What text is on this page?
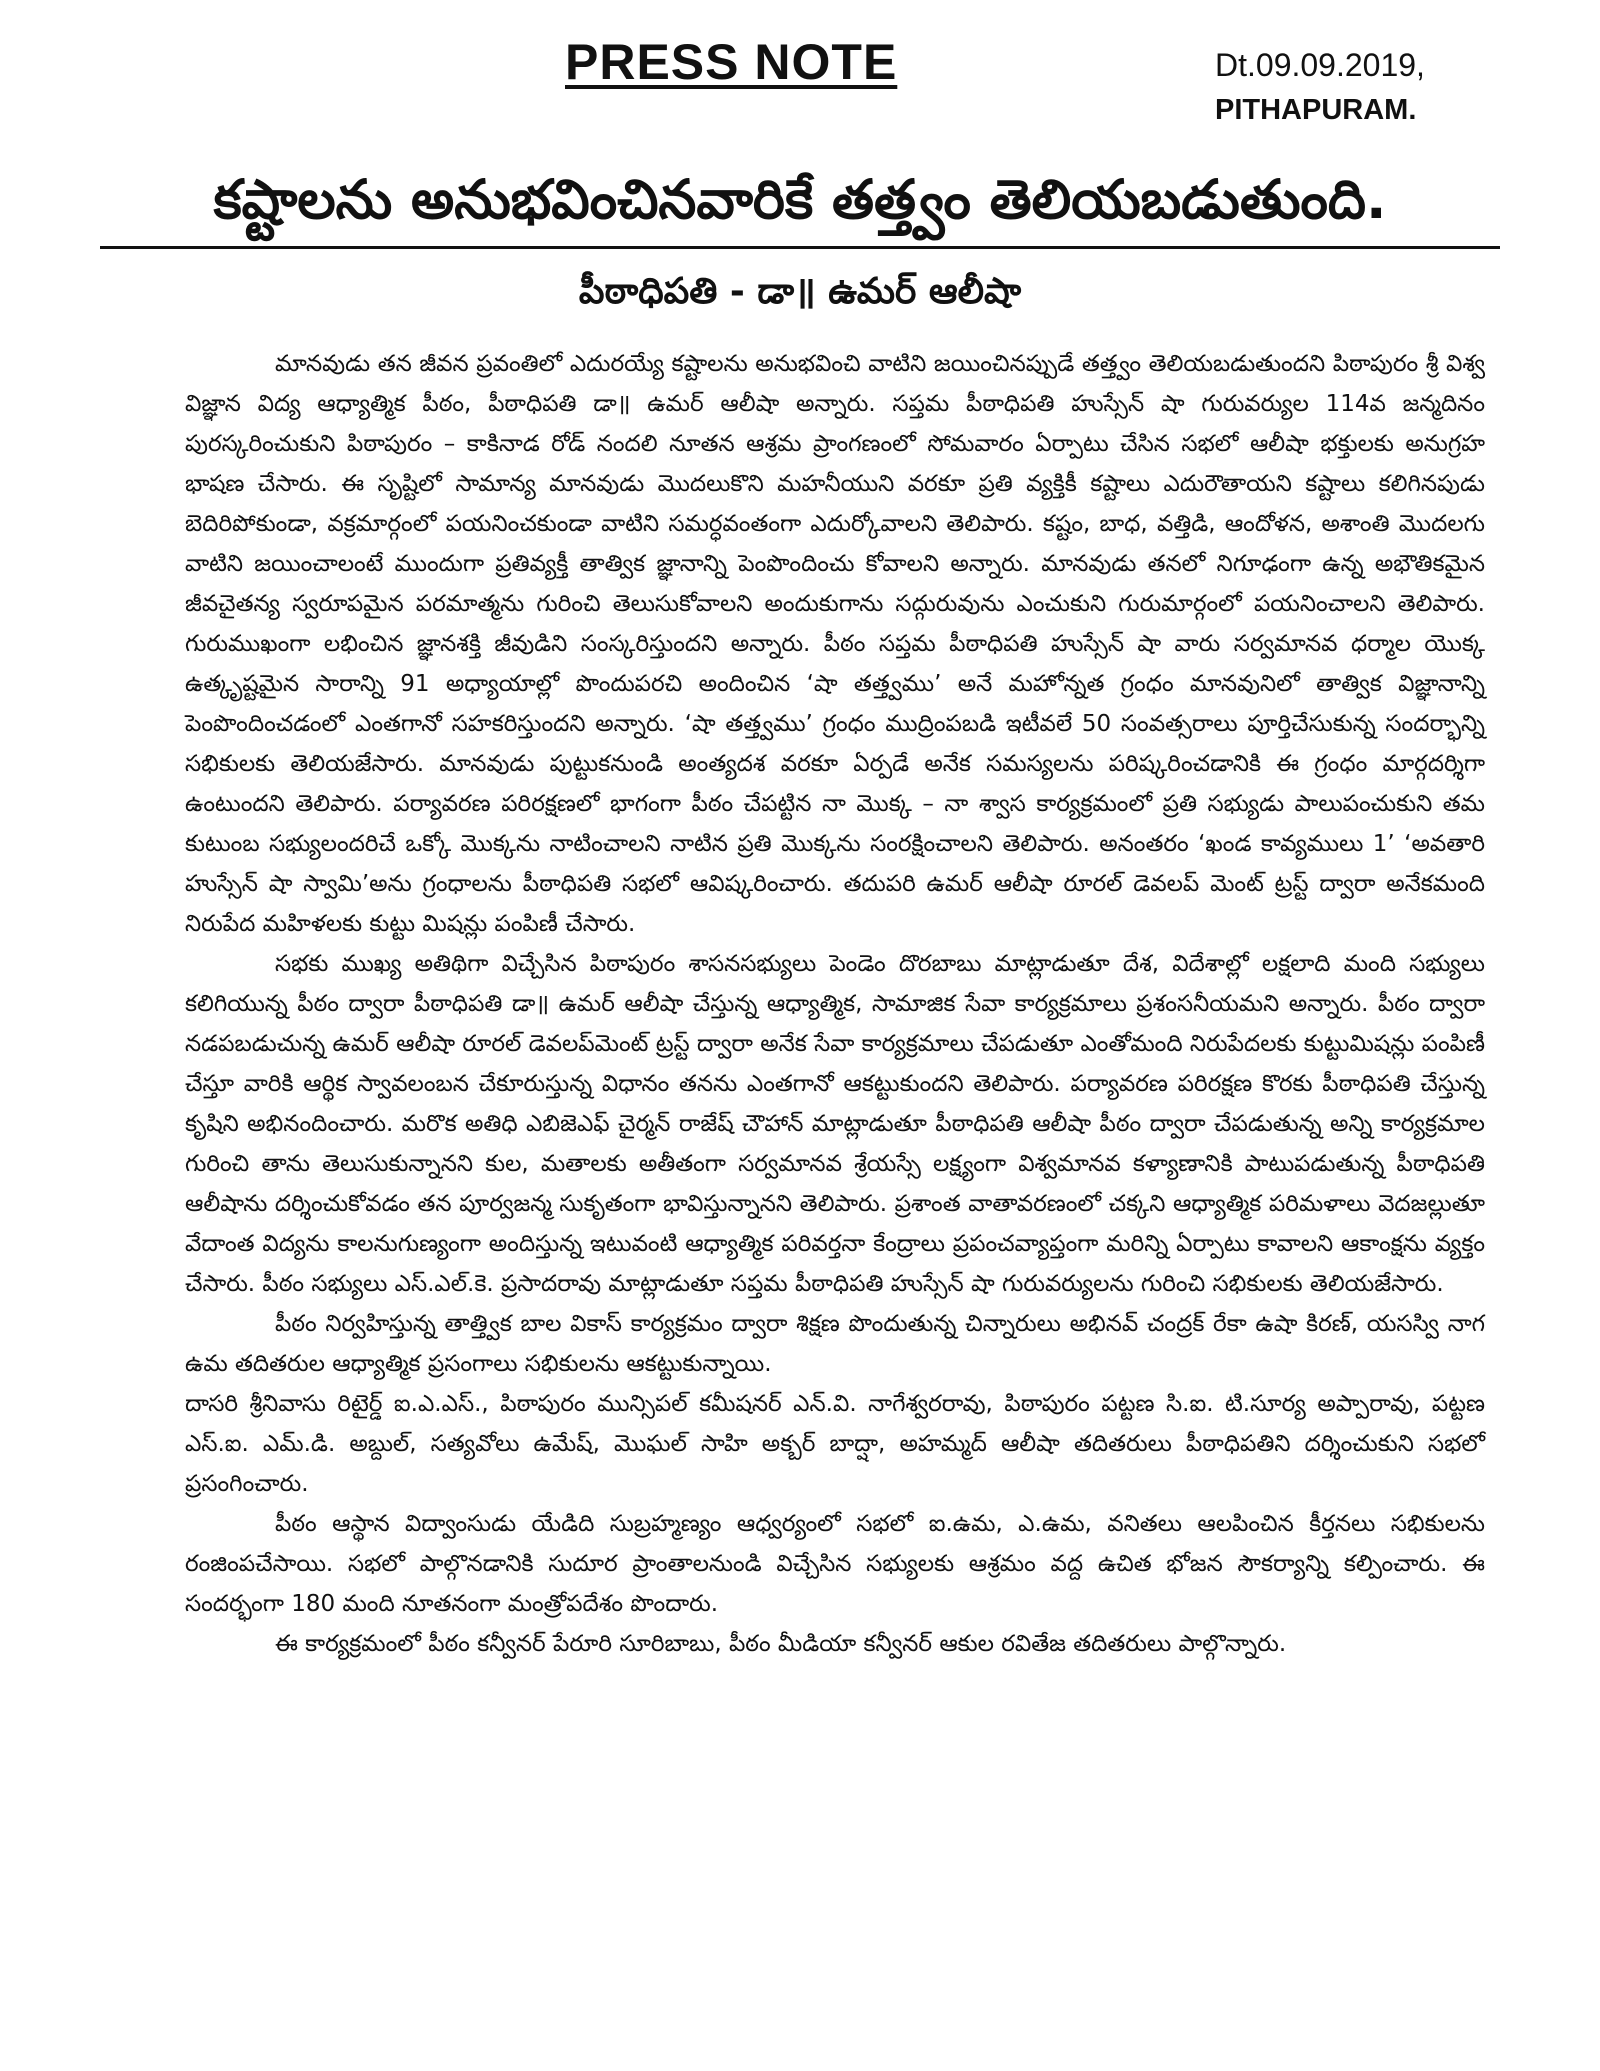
PRESS NOTE	Dt.09.09.2019,
PITHAPURAM.
కష్టాలను అనుభవించినవారికే తత్త్వం తెలియబడుతుంది.
పీఠాధిపతి - డా॥ ఉమర్ ఆలీషా

మానవుడు తన జీవన ప్రవంతిలో ఎదురయ్యే కష్టాలను అనుభవించి వాటిని జయించినప్పుడే తత్త్వం తెలియబడుతుందని పిఠాపురం శ్రీ విశ్వ విజ్ఞాన విద్య ఆధ్యాత్మిక పీఠం, పీఠాధిపతి డా॥ ఉమర్ ఆలీషా అన్నారు. సప్తమ పీఠాధిపతి హుస్సేన్ షా గురువర్యుల 114వ జన్మదినం పురస్కరించుకుని పిఠాపురం – కాకినాడ రోడ్ నందలి నూతన ఆశ్రమ ప్రాంగణంలో సోమవారం ఏర్పాటు చేసిన సభలో ఆలీషా భక్తులకు అనుగ్రహ భాషణ చేసారు. ఈ సృష్టిలో సామాన్య మానవుడు మొదలుకొని మహనీయుని వరకూ ప్రతి వ్యక్తికీ కష్టాలు ఎదురౌతాయని కష్టాలు కలిగినపుడు బెదిరిపోకుండా, వక్రమార్గంలో పయనించకుండా వాటిని సమర్ధవంతంగా ఎదుర్కోవాలని తెలిపారు. కష్టం, బాధ, వత్తిడి, ఆందోళన, అశాంతి మొదలగు వాటిని జయించాలంటే ముందుగా ప్రతివ్యక్తీ తాత్విక జ్ఞానాన్ని పెంపొందించు కోవాలని అన్నారు. మానవుడు తనలో నిగూఢంగా ఉన్న అభౌతికమైన జీవచైతన్య స్వరూపమైన పరమాత్మను గురించి తెలుసుకోవాలని అందుకుగాను సద్గురువును ఎంచుకుని గురుమార్గంలో పయనించాలని తెలిపారు. గురుముఖంగా లభించిన జ్ఞానశక్తి జీవుడిని సంస్కరిస్తుందని అన్నారు. పీఠం సప్తమ పీఠాధిపతి హుస్సేన్ షా వారు సర్వమానవ ధర్మాల యొక్క ఉత్కృష్టమైన సారాన్ని 91 అధ్యాయాల్లో పొందుపరచి అందించిన ‘షా తత్త్వము’ అనే మహోన్నత గ్రంధం మానవునిలో తాత్విక విజ్ఞానాన్ని పెంపొందించడంలో ఎంతగానో సహకరిస్తుందని అన్నారు. ‘షా తత్త్వము’ గ్రంధం ముద్రింపబడి ఇటీవలే 50 సంవత్సరాలు పూర్తిచేసుకున్న సందర్భాన్ని సభికులకు తెలియజేసారు. మానవుడు పుట్టుకనుండి అంత్యదశ వరకూ ఏర్పడే అనేక సమస్యలను పరిష్కరించడానికి ఈ గ్రంధం మార్గదర్శిగా ఉంటుందని తెలిపారు. పర్యావరణ పరిరక్షణలో భాగంగా పీఠం చేపట్టిన నా మొక్క – నా శ్వాస కార్యక్రమంలో ప్రతి సభ్యుడు పాలుపంచుకుని తమ కుటుంబ సభ్యులందరిచే ఒక్కో మొక్కను నాటించాలని నాటిన ప్రతి మొక్కను సంరక్షించాలని తెలిపారు. అనంతరం ‘ఖండ కావ్యములు 1’ ‘అవతారి హుస్సేన్ షా స్వామి’అను గ్రంధాలను పీఠాధిపతి సభలో ఆవిష్కరించారు. తదుపరి ఉమర్ ఆలీషా రూరల్ డెవలప్ మెంట్ ట్రస్ట్ ద్వారా అనేకమంది నిరుపేద మహిళలకు కుట్టు మిషన్లు పంపిణీ చేసారు.

సభకు ముఖ్య అతిథిగా విచ్చేసిన పిఠాపురం శాసనసభ్యులు పెండెం దొరబాబు మాట్లాడుతూ దేశ, విదేశాల్లో లక్షలాది మంది సభ్యులు కలిగియున్న పీఠం ద్వారా పీఠాధిపతి డా॥ ఉమర్ ఆలీషా చేస్తున్న ఆధ్యాత్మిక, సామాజిక సేవా కార్యక్రమాలు ప్రశంసనీయమని అన్నారు. పీఠం ద్వారా నడపబడుచున్న ఉమర్ ఆలీషా రూరల్ డెవలప్‌మెంట్ ట్రస్ట్ ద్వారా అనేక సేవా కార్యక్రమాలు చేపడుతూ ఎంతోమంది నిరుపేదలకు కుట్టుమిషన్లు పంపిణీ చేస్తూ వారికి ఆర్థిక స్వావలంబన చేకూరుస్తున్న విధానం తనను ఎంతగానో ఆకట్టుకుందని తెలిపారు. పర్యావరణ పరిరక్షణ కొరకు పీఠాధిపతి చేస్తున్న కృషిని అభినందించారు. మరొక అతిధి ఎబిజెఎఫ్ చైర్మన్ రాజేష్ చౌహాన్ మాట్లాడుతూ పీఠాధిపతి ఆలీషా పీఠం ద్వారా చేపడుతున్న అన్ని కార్యక్రమాల గురించి తాను తెలుసుకున్నానని కుల, మతాలకు అతీతంగా సర్వమానవ శ్రేయస్సే లక్ష్యంగా విశ్వమానవ కళ్యాణానికి పాటుపడుతున్న పీఠాధిపతి ఆలీషాను దర్శించుకోవడం తన పూర్వజన్మ సుకృతంగా భావిస్తున్నానని తెలిపారు. ప్రశాంత వాతావరణంలో చక్కని ఆధ్యాత్మిక పరిమళాలు వెదజల్లుతూ వేదాంత విద్యను కాలనుగుణ్యంగా అందిస్తున్న ఇటువంటి ఆధ్యాత్మిక పరివర్తనా కేంద్రాలు ప్రపంచవ్యాప్తంగా మరిన్ని ఏర్పాటు కావాలని ఆకాంక్షను వ్యక్తం చేసారు. పీఠం సభ్యులు ఎస్.ఎల్.కె. ప్రసాదరావు మాట్లాడుతూ సప్తమ పీఠాధిపతి హుస్సేన్ షా గురువర్యులను గురించి సభికులకు తెలియజేసారు.

పీఠం నిర్వహిస్తున్న తాత్త్విక బాల వికాస్ కార్యక్రమం ద్వారా శిక్షణ పొందుతున్న చిన్నారులు అభినవ్ చంద్రక్ రేకా ఉషా కిరణ్, యసస్వి నాగ ఉమ తదితరుల ఆధ్యాత్మిక ప్రసంగాలు సభికులను ఆకట్టుకున్నాయి.

దాసరి శ్రీనివాసు రిటైర్డ్ ఐ.ఎ.ఎస్., పిఠాపురం మున్సిపల్ కమీషనర్ ఎన్.వి. నాగేశ్వరరావు, పిఠాపురం పట్టణ సి.ఐ. టి.సూర్య అప్పారావు, పట్టణ ఎస్.ఐ. ఎమ్.డి. అబ్దుల్, సత్యవోలు ఉమేష్, మొఘల్ సాహి అక్బర్ బాద్షా, అహమ్మద్ ఆలీషా తదితరులు పీఠాధిపతిని దర్శించుకుని సభలో ప్రసంగించారు.

పీఠం ఆస్థాన విద్వాంసుడు యేడిది సుబ్రహ్మణ్యం ఆధ్వర్యంలో సభలో ఐ.ఉమ, ఎ.ఉమ, వనితలు ఆలపించిన కీర్తనలు సభికులను రంజింపచేసాయి. సభలో పాల్గొనడానికి సుదూర ప్రాంతాలనుండి విచ్చేసిన సభ్యులకు ఆశ్రమం వద్ద ఉచిత భోజన సౌకర్యాన్ని కల్పించారు. ఈ సందర్భంగా 180 మంది నూతనంగా మంత్రోపదేశం పొందారు.

ఈ కార్యక్రమంలో పీఠం కన్వీనర్ పేరూరి సూరిబాబు, పీఠం మీడియా కన్వీనర్ ఆకుల రవితేజ తదితరులు పాల్గొన్నారు.
